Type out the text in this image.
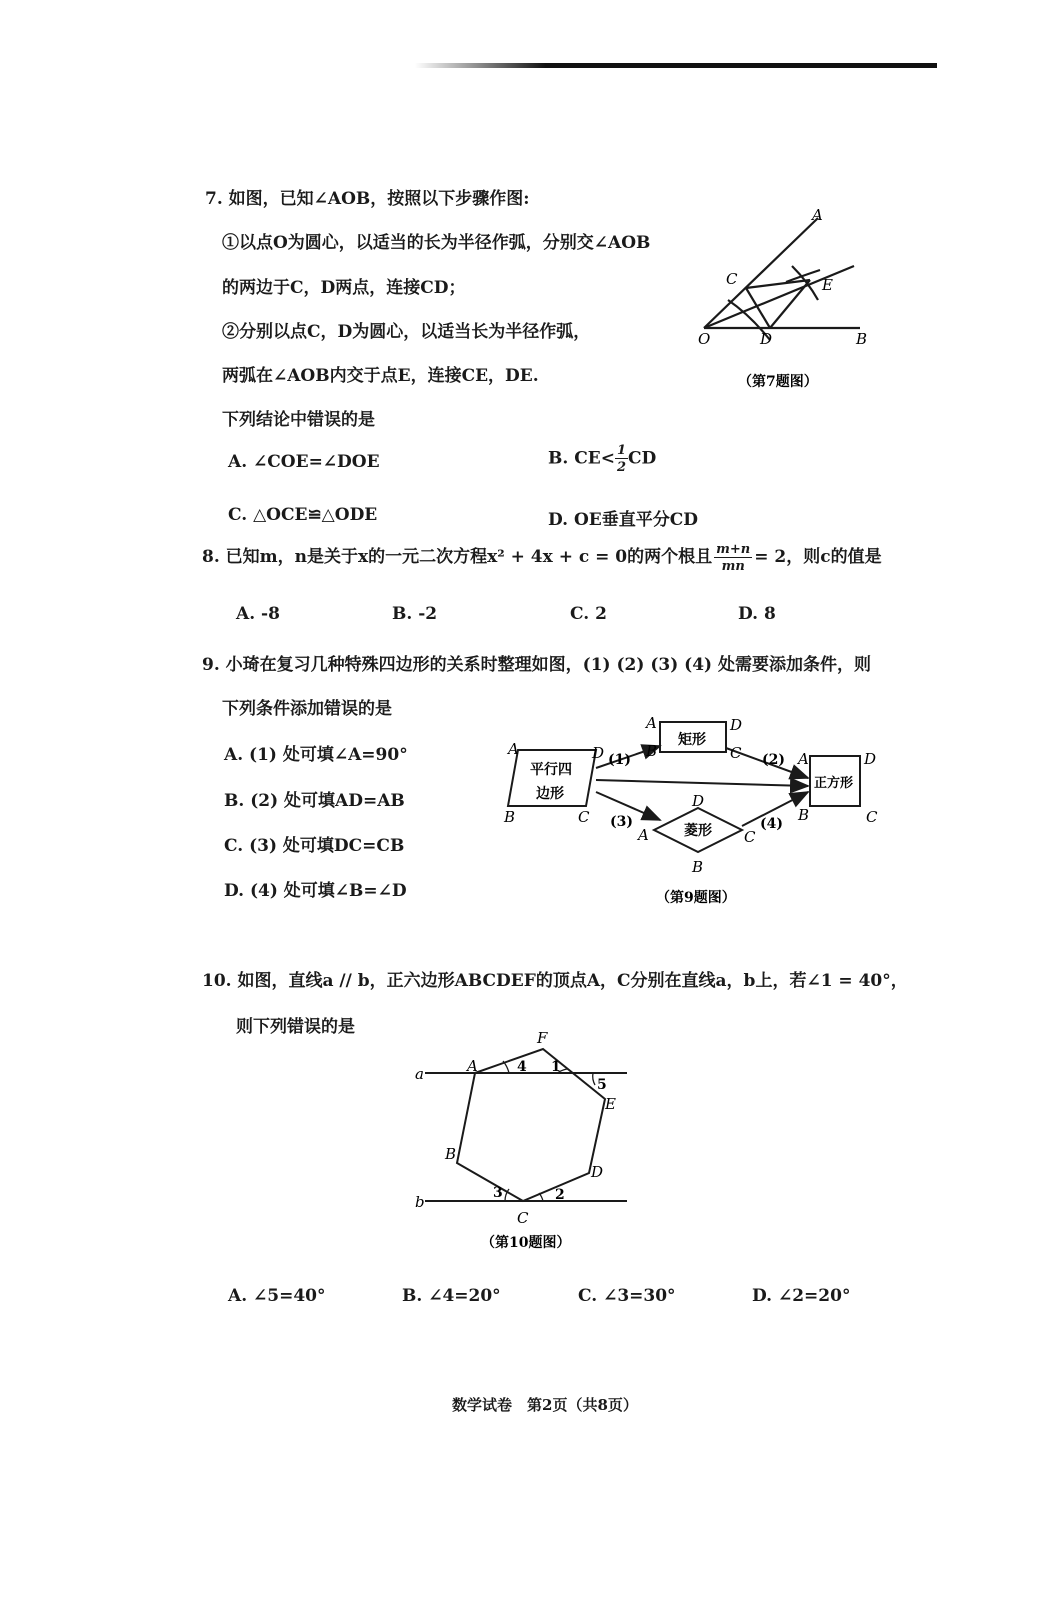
7. 如图，已知∠AOB，按照以下步骤作图:
①以点O为圆心，以适当的长为半径作弧，分别交∠AOB
的两边于C，D两点，连接CD；
②分别以点C，D为圆心，以适当长为半径作弧，
两弧在∠AOB内交于点E，连接CE，DE.
下列结论中错误的是
A. ∠COE=∠DOE	B. $CE< \frac{1}{2}$ CD
C. △OCE≌△ODE	D. OE垂直平分CD
A
C	E
O	D	B
（第7题图）
8. 已知m，n是关于x的一元二次方程x² + 4x + c = 0的两个根且 $\frac{m+n}{mn} = 2$，则c的值是
A. -8	B. -2	C. 2	D. 8
9. 小琦在复习几种特殊四边形的关系时整理如图，(1) (2) (3) (4) 处需要添加条件，则
下列条件添加错误的是
A. (1) 处可填∠A=90°
B. (2) 处可填AD=AB
C. (3) 处可填DC=CB
D. (4) 处可填∠B=∠D
平行四
边形
矩形
菱形
正方形
(1)	(2)
(3)	(4)
A	D
B	C
A	D
B	C
D
A	C
B
A	D
B	C
（第9题图）
10. 如图，直线a // b，正六边形ABCDEF的顶点A，C分别在直线a，b上，若∠1 = 40°，
则下列错误的是
a
b
A
F
E
D
C
B
4 1
5
3	2
（第10题图）
A. ∠5=40°	B. ∠4=20°	C. ∠3=30°	D. ∠2=20°
数学试卷　第2页（共8页）
